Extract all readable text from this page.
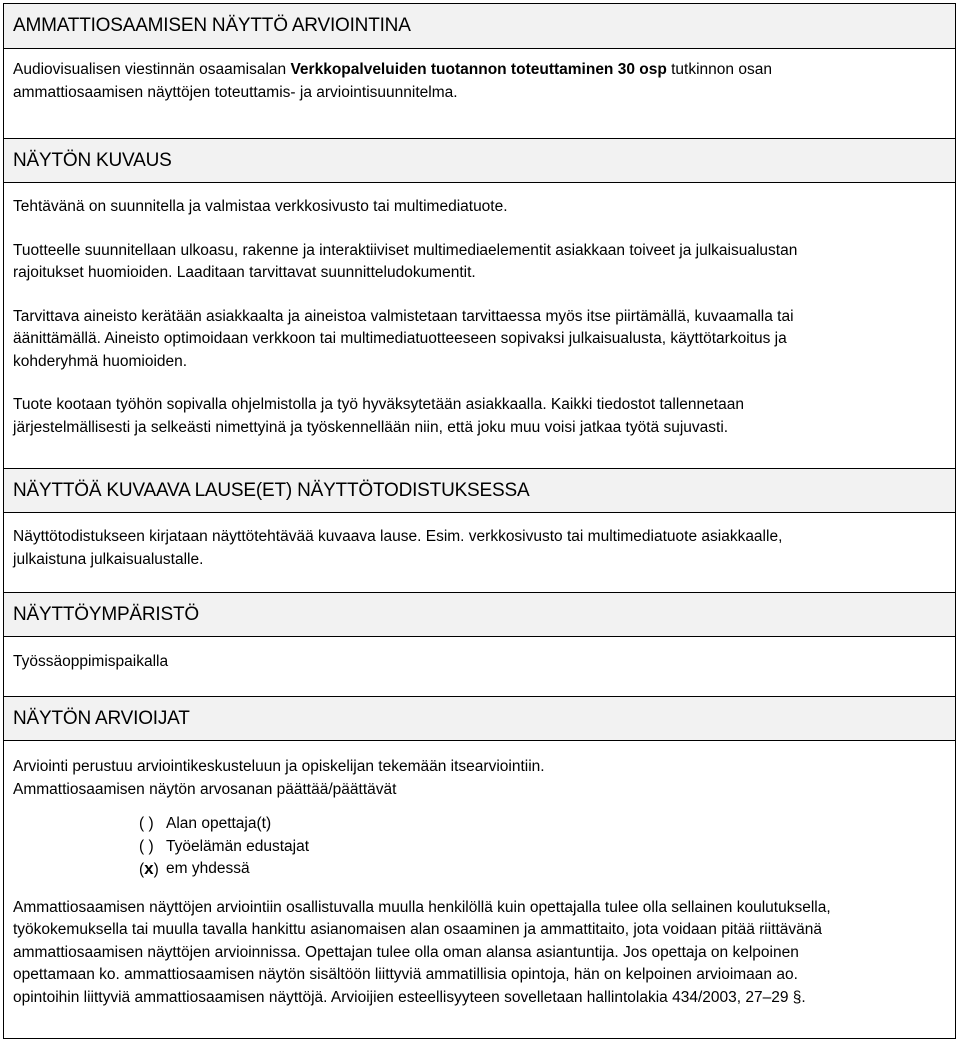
AMMATTIOSAAMISEN NÄYTTÖ ARVIOINTINA

Audiovisualisen viestinnän osaamisalan Verkkopalveluiden tuotannon toteuttaminen 30 osp tutkinnon osan

ammattiosaamisen näyttöjen toteuttamis- ja arviointisuunnitelma.

NÄYTÖN KUVAUS

Tehtävänä on suunnitella ja valmistaa verkkosivusto tai multimediatuote.

Tuotteelle suunnitellaan ulkoasu, rakenne ja interaktiiviset multimediaelementit asiakkaan toiveet ja julkaisualustan

rajoitukset huomioiden. Laaditaan tarvittavat suunnitteludokumentit.

Tarvittava aineisto kerätään asiakkaalta ja aineistoa valmistetaan tarvittaessa myös itse piirtämällä, kuvaamalla tai

äänittämällä. Aineisto optimoidaan verkkoon tai multimediatuotteeseen sopivaksi julkaisualusta, käyttötarkoitus ja

kohderyhmä huomioiden.

Tuote kootaan työhön sopivalla ohjelmistolla ja työ hyväksytetään asiakkaalla. Kaikki tiedostot tallennetaan

järjestelmällisesti ja selkeästi nimettyinä ja työskennellään niin, että joku muu voisi jatkaa työtä sujuvasti.

NÄYTTÖÄ KUVAAVA LAUSE(ET) NÄYTTÖTODISTUKSESSA

Näyttötodistukseen kirjataan näyttötehtävää kuvaava lause. Esim. verkkosivusto tai multimediatuote asiakkaalle,

julkaistuna julkaisualustalle.

NÄYTTÖYMPÄRISTÖ

Työssäoppimispaikalla

NÄYTÖN ARVIOIJAT

Arviointi perustuu arviointikeskusteluun ja opiskelijan tekemään itsearviointiin.

Ammattiosaamisen näytön arvosanan päättää/päättävät

( ) Alan opettaja(t)
( ) Työelämän edustajat
(x) em yhdessä

Ammattiosaamisen näyttöjen arviointiin osallistuvalla muulla henkilöllä kuin opettajalla tulee olla sellainen koulutuksella,

työkokemuksella tai muulla tavalla hankittu asianomaisen alan osaaminen ja ammattitaito, jota voidaan pitää riittävänä

ammattiosaamisen näyttöjen arvioinnissa. Opettajan tulee olla oman alansa asiantuntija. Jos opettaja on kelpoinen

opettamaan ko. ammattiosaamisen näytön sisältöön liittyviä ammatillisia opintoja, hän on kelpoinen arvioimaan ao.

opintoihin liittyviä ammattiosaamisen näyttöjä. Arvioijien esteellisyyteen sovelletaan hallintolakia 434/2003, 27–29 §.
